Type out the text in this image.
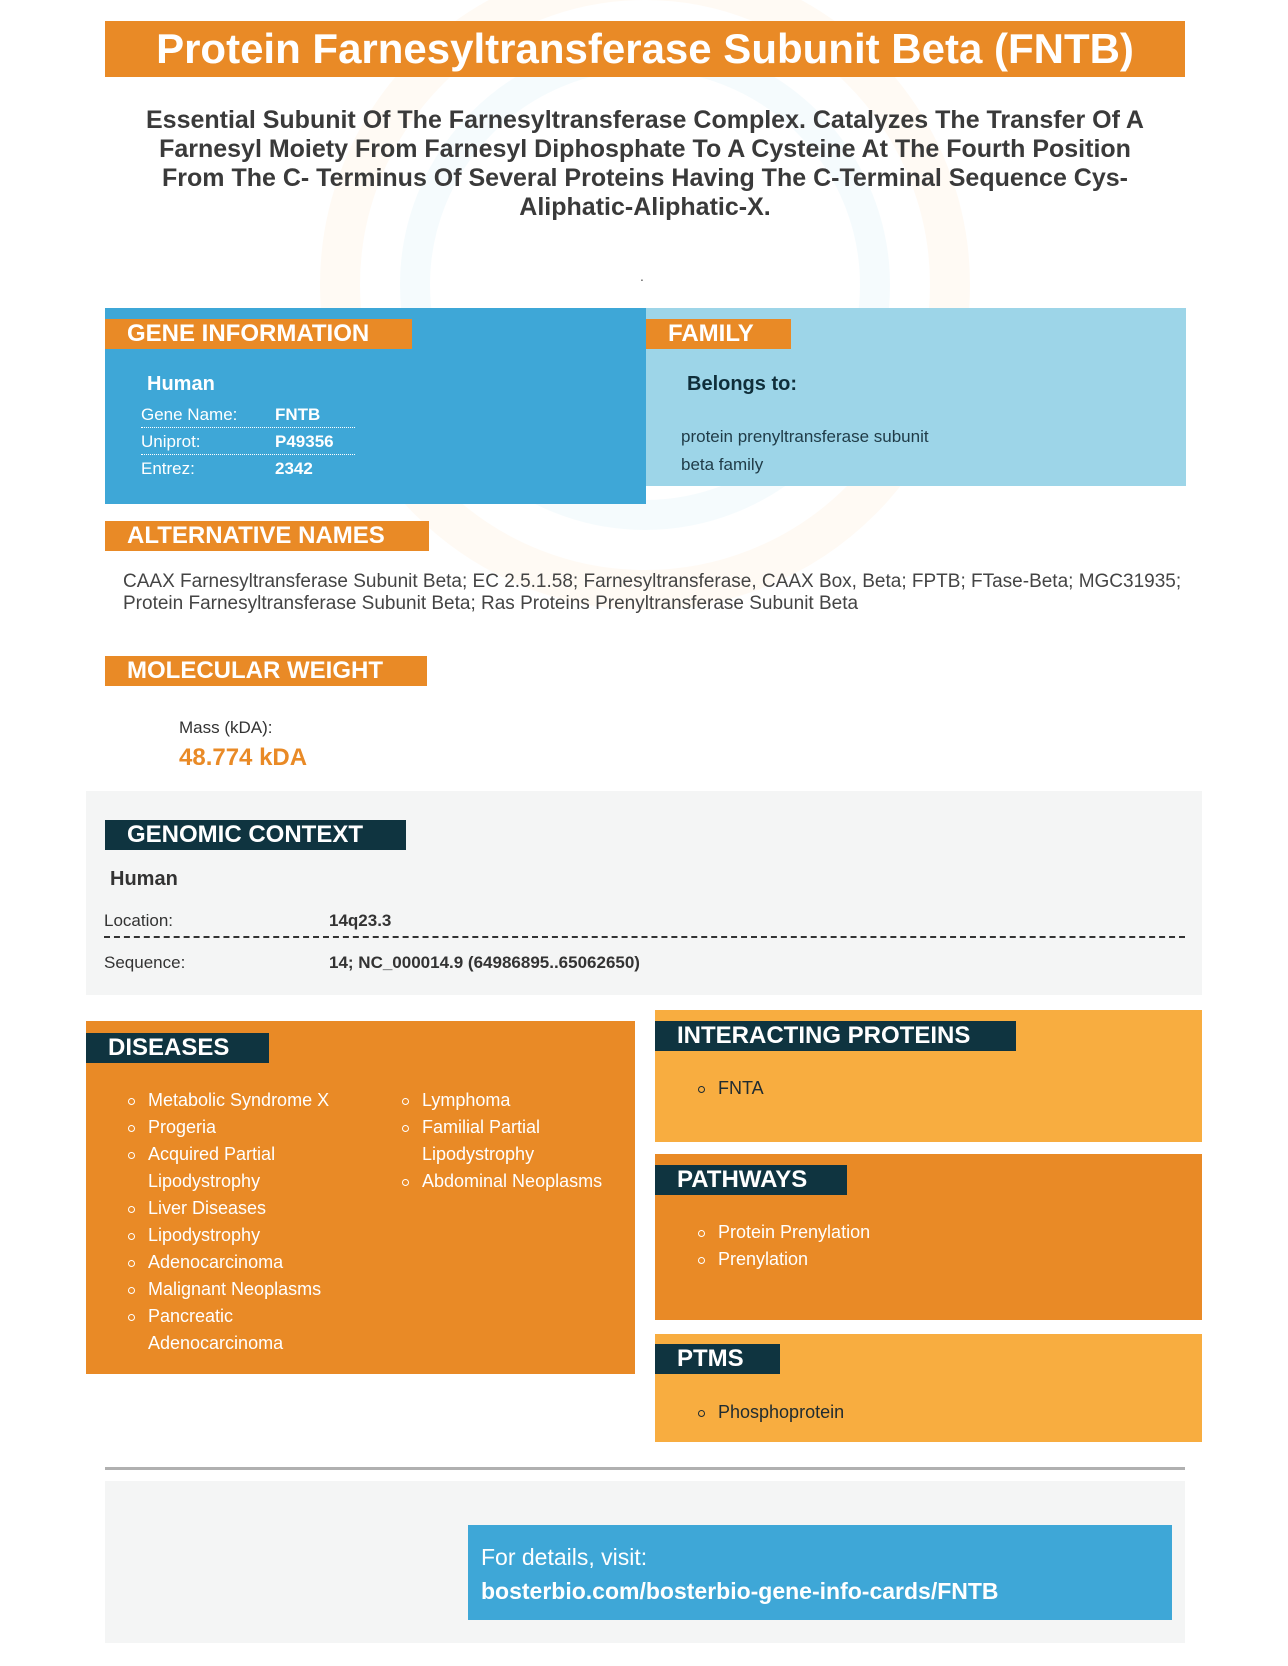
Protein Farnesyltransferase Subunit Beta (FNTB)
Essential Subunit Of The Farnesyltransferase Complex. Catalyzes The Transfer Of A Farnesyl Moiety From Farnesyl Diphosphate To A Cysteine At The Fourth Position From The C- Terminus Of Several Proteins Having The C-Terminal Sequence Cys- Aliphatic-Aliphatic-X.
.
GENE INFORMATION
Human
Gene Name: FNTB
Uniprot:	P49356
Entrez:	2342
FAMILY
Belongs to:
protein prenyltransferase subunit beta family
ALTERNATIVE NAMES
CAAX Farnesyltransferase Subunit Beta; EC 2.5.1.58; Farnesyltransferase, CAAX Box, Beta; FPTB; FTase-Beta; MGC31935; Protein Farnesyltransferase Subunit Beta; Ras Proteins Prenyltransferase Subunit Beta
MOLECULAR WEIGHT
Mass (kDA):
48.774 kDA
GENOMIC CONTEXT
Human
Location:	14q23.3
Sequence:	14; NC_000014.9 (64986895..65062650)
DISEASES
Metabolic Syndrome X
Progeria
Acquired Partial Lipodystrophy
Liver Diseases
Lipodystrophy
Adenocarcinoma
Malignant Neoplasms
Pancreatic Adenocarcinoma
Lymphoma
Familial Partial Lipodystrophy
Abdominal Neoplasms
INTERACTING PROTEINS
FNTA
PATHWAYS
Protein Prenylation
Prenylation
PTMS
Phosphoprotein
For details, visit:
bosterbio.com/bosterbio-gene-info-cards/FNTB
